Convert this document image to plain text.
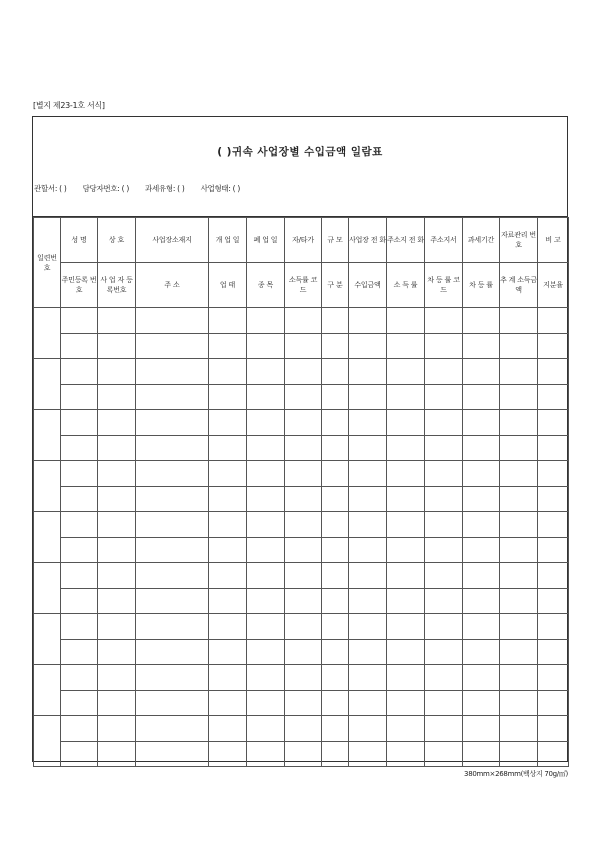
[별지 제23-1호 서식]
( )귀속 사업장별 수입금액 일람표
관할서: ( ) 담당자번호: ( ) 과세유형: ( ) 사업형태: ( )
일련번호	성 명	상 호	사업장소재지	개 업 일	폐 업 일	자/타가	규 모	사업장 전 화	주소지 전 화	주소지서	과세기간	자료관리 번 호	비 고
	주민등록 번 호	사 업 자 등록번호	주 소	업 태	종 목	소득률 코 드	구 분	수입금액	소 득 률	차 등 률 코 드	차 등 률	추 계 소득금액	지분율

380mm×268mm(백상지 70g/㎡)
